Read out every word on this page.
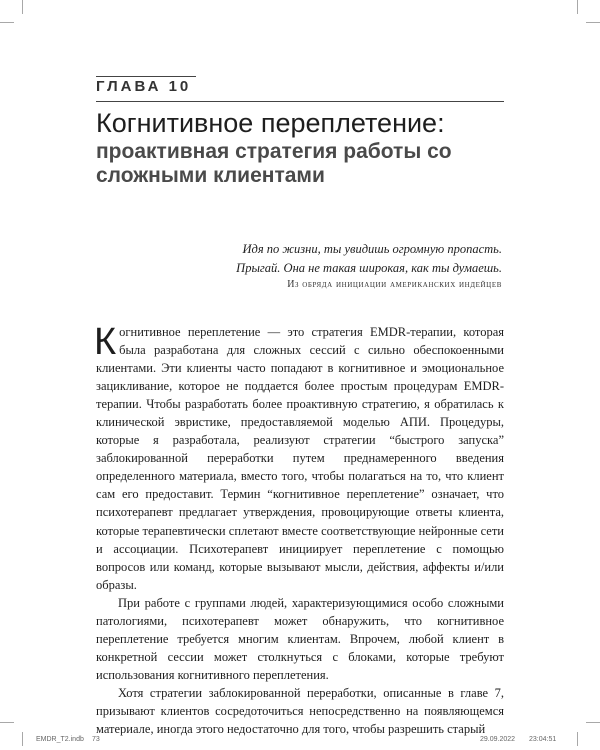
ГЛАВА 10
Когнитивное переплетение:
проактивная стратегия работы со сложными клиентами
Идя по жизни, ты увидишь огромную пропасть.
Прыгай. Она не такая широкая, как ты думаешь.
Из обряда инициации американских индейцев

Когнитивное переплетение — это стратегия EMDR-терапии, которая была разработана для сложных сессий с сильно обеспокоенными клиентами. Эти клиенты часто попадают в когнитивное и эмоциональное зацикливание, которое не поддается более простым процедурам EMDR-терапии. Чтобы разработать более проактивную стратегию, я обратилась к клинической эвристике, предоставляемой моделью АПИ. Процедуры, которые я разработала, реализуют стратегии “быстрого запуска” заблокированной переработки путем преднамеренного введения определенного материала, вместо того, чтобы полагаться на то, что клиент сам его предоставит. Термин “когнитивное переплетение” означает, что психотерапевт предлагает утверждения, провоцирующие ответы клиента, которые терапевтически сплетают вместе соответствующие нейронные сети и ассоциации. Психотерапевт инициирует переплетение с помощью вопросов или команд, которые вызывают мысли, действия, аффекты и/или образы.

При работе с группами людей, характеризующимися особо сложными патологиями, психотерапевт может обнаружить, что когнитивное переплетение требуется многим клиентам. Впрочем, любой клиент в конкретной сессии может столкнуться с блоками, которые требуют использования когнитивного переплетения.

Хотя стратегии заблокированной переработки, описанные в главе 7, призывают клиентов сосредоточиться непосредственно на появляющемся материале, иногда этого недостаточно для того, чтобы разрешить старый

EMDR_T2.indb 73	29.09.2022 23:04:51
